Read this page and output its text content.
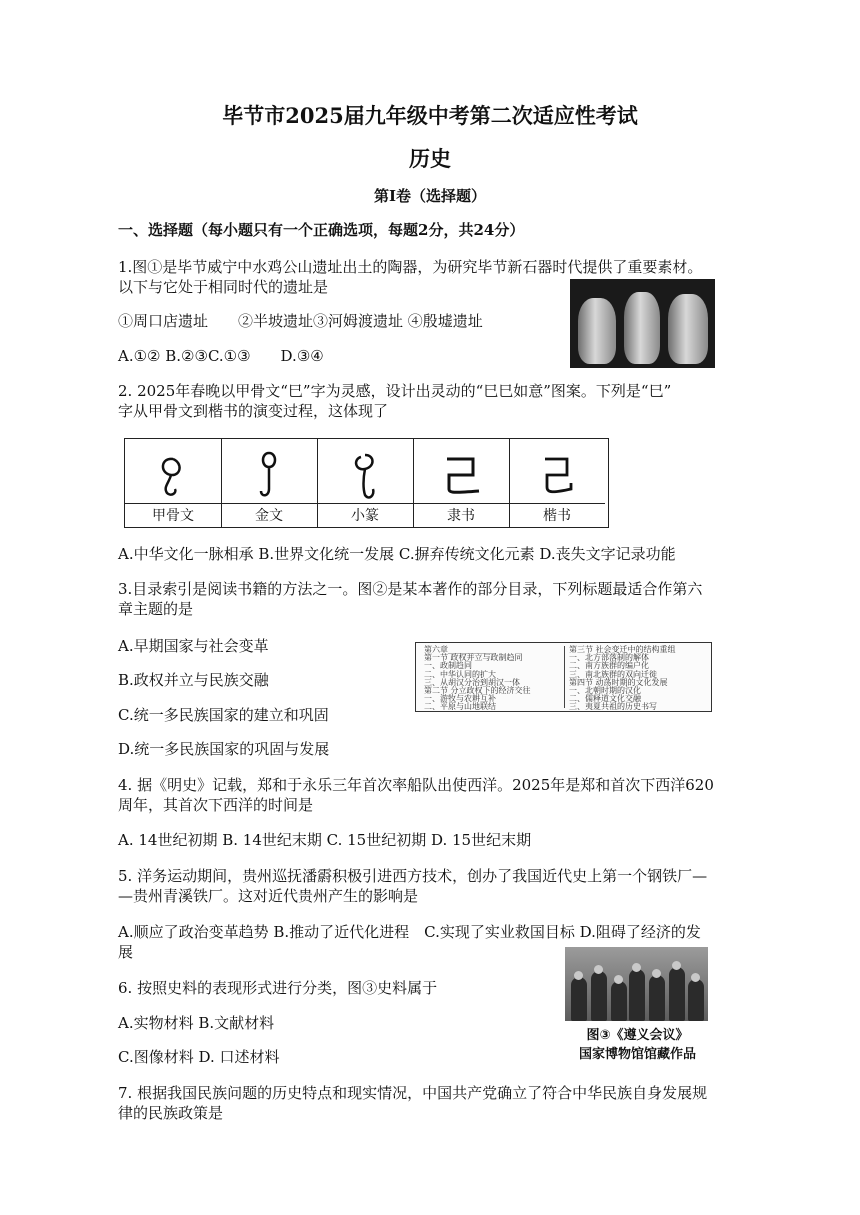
毕节市2025届九年级中考第二次适应性考试
历史
第Ⅰ卷（选择题）
一、选择题（每小题只有一个正确选项，每题2分，共24分）
1.图①是毕节威宁中水鸡公山遗址出土的陶器，为研究毕节新石器时代提供了重要素材。
以下与它处于相同时代的遗址是
①周口店遗址　　②半坡遗址③河姆渡遗址 ④殷墟遗址
A.①② B.②③C.①③　　D.③④
2. 2025年春晚以甲骨文“巳”字为灵感，设计出灵动的“巳巳如意”图案。下列是“巳”
字从甲骨文到楷书的演变过程，这体现了
甲骨文	金文	小篆	隶书	楷书
A.中华文化一脉相承 B.世界文化统一发展 C.摒弃传统文化元素 D.丧失文字记录功能
3.目录索引是阅读书籍的方法之一。图②是某本著作的部分目录，下列标题最适合作第六
章主题的是
A.早期国家与社会变革
B.政权并立与民族交融
C.统一多民族国家的建立和巩固
D.统一多民族国家的巩固与发展
第六章____________
第一节 政权并立与政制趋同
一、政制趋同
二、中华认同的扩大
三、从胡汉分治到胡汉一体
第二节 分立政权下的经济交往
一、游牧与农耕互补
二、平原与山地联结
第三节 社会变迁中的结构重组
一、北方部落制的解体
二、南方族群的编户化
三、南北族群的双向迁徙
第四节 动荡时期的文化发展
一、北朝时期的汉化
二、儒释道文化交融
三、夷夏共祖的历史书写
4. 据《明史》记载，郑和于永乐三年首次率船队出使西洋。2025年是郑和首次下西洋620
周年，其首次下西洋的时间是
A. 14世纪初期 B. 14世纪末期 C. 15世纪初期 D. 15世纪末期
5. 洋务运动期间，贵州巡抚潘霨积极引进西方技术，创办了我国近代史上第一个钢铁厂—
—贵州青溪铁厂。这对近代贵州产生的影响是
A.顺应了政治变革趋势 B.推动了近代化进程　C.实现了实业救国目标 D.阻碍了经济的发
展
6. 按照史料的表现形式进行分类，图③史料属于
A.实物材料 B.文献材料
C.图像材料 D. 口述材料
图③《遵义会议》
国家博物馆馆藏作品
7. 根据我国民族问题的历史特点和现实情况，中国共产党确立了符合中华民族自身发展规
律的民族政策是
